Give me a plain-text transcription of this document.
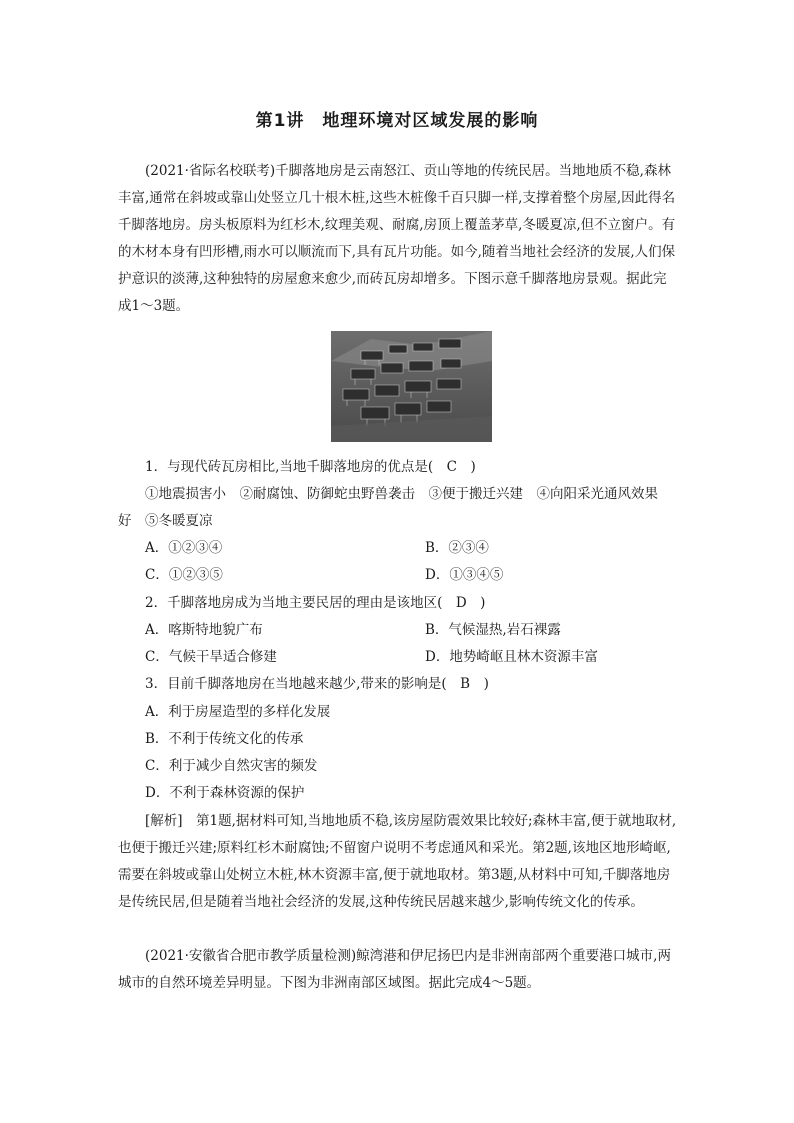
第1讲　地理环境对区域发展的影响

(2021·省际名校联考)千脚落地房是云南怒江、贡山等地的传统民居。当地地质不稳,森林丰富,通常在斜坡或靠山处竖立几十根木桩,这些木桩像千百只脚一样,支撑着整个房屋,因此得名千脚落地房。房头板原料为红杉木,纹理美观、耐腐,房顶上覆盖茅草,冬暖夏凉,但不立窗户。有的木材本身有凹形槽,雨水可以顺流而下,具有瓦片功能。如今,随着当地社会经济的发展,人们保护意识的淡薄,这种独特的房屋愈来愈少,而砖瓦房却增多。下图示意千脚落地房景观。据此完成1～3题。

1．与现代砖瓦房相比,当地千脚落地房的优点是(　C　)
①地震损害小　②耐腐蚀、防御蛇虫野兽袭击　③便于搬迁兴建　④向阳采光通风效果
好　⑤冬暖夏凉
A．①②③④	B．②③④
C．①②③⑤	D．①③④⑤
2．千脚落地房成为当地主要民居的理由是该地区(　D　)
A．喀斯特地貌广布	B．气候湿热,岩石裸露
C．气候干旱适合修建	D．地势崎岖且林木资源丰富
3．目前千脚落地房在当地越来越少,带来的影响是(　B　)
A．利于房屋造型的多样化发展
B．不利于传统文化的传承
C．利于减少自然灾害的频发
D．不利于森林资源的保护

[解析]　第1题,据材料可知,当地地质不稳,该房屋防震效果比较好;森林丰富,便于就地取材,也便于搬迁兴建;原料红杉木耐腐蚀;不留窗户说明不考虑通风和采光。第2题,该地区地形崎岖,需要在斜坡或靠山处树立木桩,林木资源丰富,便于就地取材。第3题,从材料中可知,千脚落地房是传统民居,但是随着当地社会经济的发展,这种传统民居越来越少,影响传统文化的传承。

(2021·安徽省合肥市教学质量检测)鲸湾港和伊尼扬巴内是非洲南部两个重要港口城市,两城市的自然环境差异明显。下图为非洲南部区域图。据此完成4～5题。
